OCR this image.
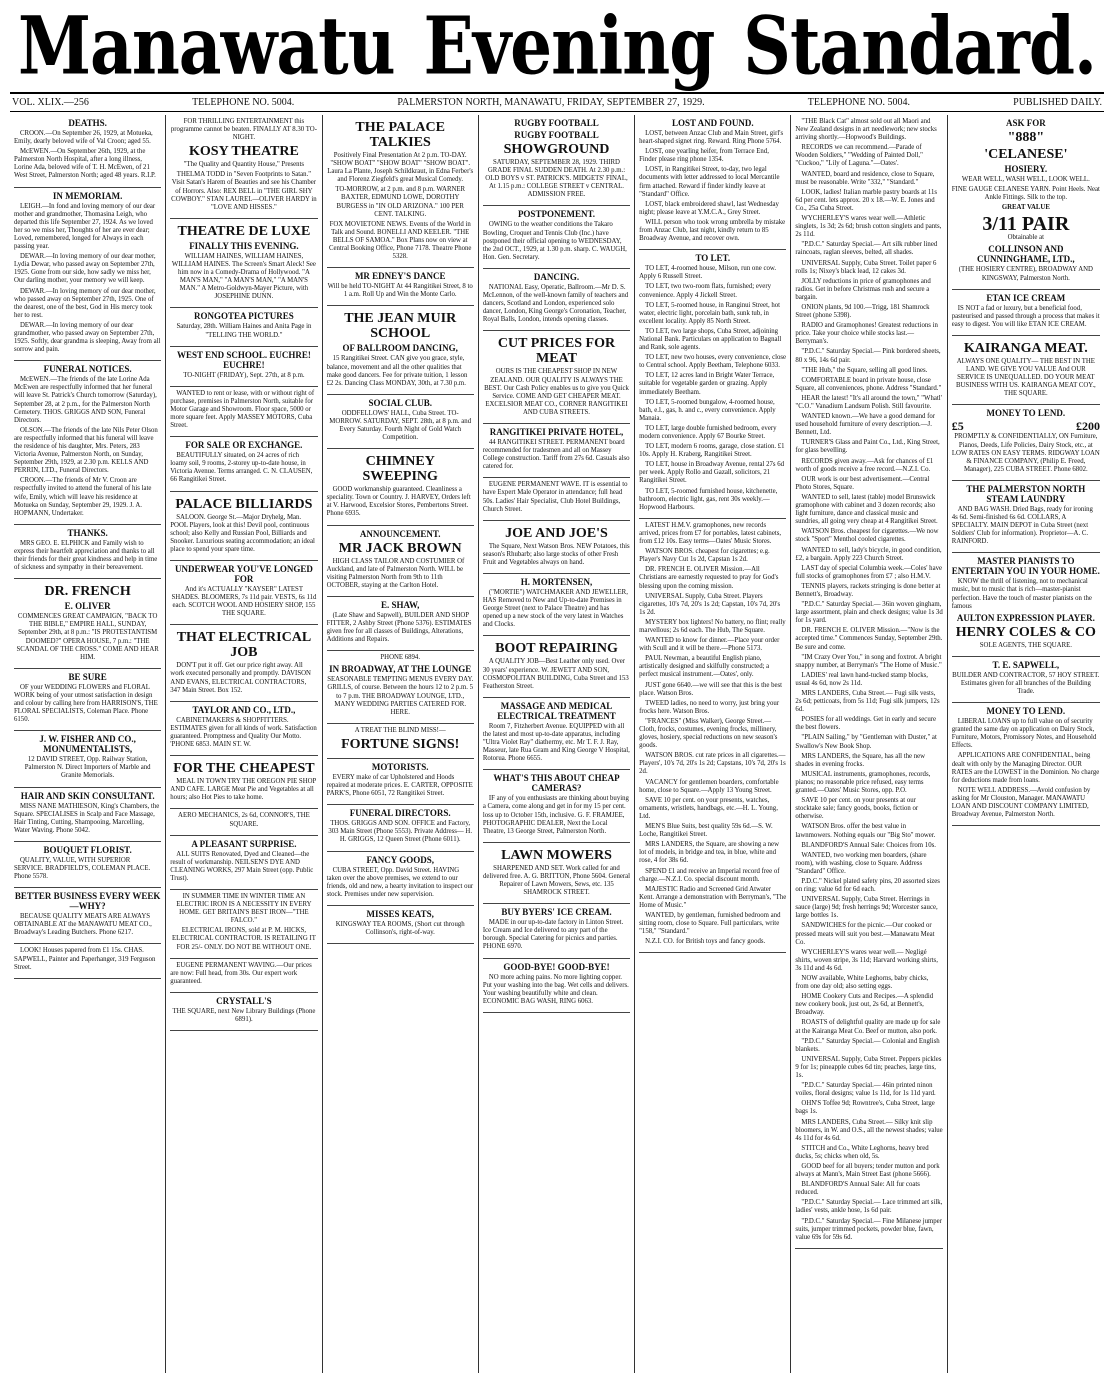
Manawatu Evening Standard.
VOL. XLIX.—256	TELEPHONE NO. 5004.	PALMERSTON NORTH, MANAWATU, FRIDAY, SEPTEMBER 27, 1929.	TELEPHONE NO. 5004.	PUBLISHED DAILY.
DEATHS.

CROON.—On September 26, 1929, at Motueka, Emily, dearly beloved wife of Val Croon; aged 55.

McEWEN.—On September 26th, 1929, at the Palmerston North Hospital, after a long illness, Lorine Ada, beloved wife of T. H. McEwen, of 21 West Street, Palmerston North; aged 48 years. R.I.P.

IN MEMORIAM.

LEIGH.—In fond and loving memory of our dear mother and grandmother, Thomasina Leigh, who departed this life September 27, 1924. As we loved her so we miss her, Thoughts of her are ever dear; Loved, remembered, longed for Always in each passing year.

DEWAR.—In loving memory of our dear mother, Lydia Dewar, who passed away on September 27th, 1925. Gone from our side, how sadly we miss her, Our darling mother, your memory we will keep.

DEWAR.—In loving memory of our dear mother, who passed away on September 27th, 1925. One of the dearest, one of the best, God in His mercy took her to rest.

DEWAR.—In loving memory of our dear grandmother, who passed away on September 27th, 1925. Softly, dear grandma is sleeping, Away from all sorrow and pain.

FUNERAL NOTICES.

McEWEN.—The friends of the late Lorine Ada McEwen are respectfully informed that her funeral will leave St. Patrick's Church tomorrow (Saturday), September 28, at 2 p.m., for the Palmerston North Cemetery. THOS. GRIGGS AND SON, Funeral Directors.

OLSON.—The friends of the late Nils Peter Olson are respectfully informed that his funeral will leave the residence of his daughter, Mrs. Peters, 283 Victoria Avenue, Palmerston North, on Sunday, September 29th, 1929, at 2.30 p.m. KELLS AND PERRIN, LTD., Funeral Directors.

CROON.—The friends of Mr V. Croon are respectfully invited to attend the funeral of his late wife, Emily, which will leave his residence at Motueka on Sunday, September 29, 1929. J. A. HOPMANN, Undertaker.

THANKS.

MRS GEO. E. ELPHICK and Family wish to express their heartfelt appreciation and thanks to all their friends for their great kindness and help in time of sickness and sympathy in their bereavement.

DR. FRENCH
E. OLIVER

COMMENCES GREAT CAMPAIGN, "BACK TO THE BIBLE," EMPIRE HALL, SUNDAY, September 29th, at 8 p.m.: "IS PROTESTANTISM DOOMED?" OPERA HOUSE, 7 p.m.: "THE SCANDAL OF THE CROSS." COME AND HEAR HIM.

BE SURE

OF your WEDDING FLOWERS and FLORAL WORK being of your utmost satisfaction in design and colour by calling here from HARRISON'S, THE FLORAL SPECIALISTS, Coleman Place. Phone 6150.

J. W. FISHER AND CO., MONUMENTALISTS,

12 DAVID STREET, Opp. Railway Station, Palmerston N. Direct Importers of Marble and Granite Memorials.

HAIR AND SKIN CONSULTANT.

MISS NANE MATHIESON, King's Chambers, the Square. SPECIALISES in Scalp and Face Massage, Hair Tinting, Cutting, Shampooing, Marcelling, Water Waving. Phone 5042.

BOUQUET FLORIST.

QUALITY, VALUE, WITH SUPERIOR SERVICE. BRADFIELD'S, COLEMAN PLACE. Phone 5578.

BETTER BUSINESS EVERY WEEK—WHY?

BECAUSE QUALITY MEATS ARE ALWAYS OBTAINABLE AT the MANAWATU MEAT CO., Broadway's Leading Butchers. Phone 6217.

LOOK! Houses papered from £1 15s. CHAS. SAPWELL, Painter and Paperhanger, 319 Ferguson Street.

FOR THRILLING ENTERTAINMENT this programme cannot be beaten. FINALLY AT 8.30 TO-NIGHT.

KOSY THEATRE

"The Quality and Quantity House," Presents

THELMA TODD in "Seven Footprints to Satan." Visit Satan's Harem of Beauties and see his Chamber of Horrors. Also: REX BELL in "THE GIRL SHY COWBOY." STAN LAUREL—OLIVER HARDY in "LOVE AND HISSES."

THEATRE DE LUXE
FINALLY THIS EVENING.

WILLIAM HAINES, WILLIAM HAINES, WILLIAM HAINES. The Screen's Smart Aleck! See him now in a Comedy-Drama of Hollywood. "A MAN'S MAN," "A MAN'S MAN," "A MAN'S MAN." A Metro-Goldwyn-Mayer Picture, with JOSEPHINE DUNN.

RONGOTEA PICTURES

Saturday, 28th. William Haines and Anita Page in "TELLING THE WORLD."

WEST END SCHOOL. EUCHRE! EUCHRE!

TO-NIGHT (FRIDAY), Sept. 27th, at 8 p.m.

WANTED to rent or lease, with or without right of purchase, premises in Palmerston North, suitable for Motor Garage and Showroom. Floor space, 5000 or more square feet. Apply MASSEY MOTORS, Cuba Street.

FOR SALE OR EXCHANGE.

BEAUTIFULLY situated, on 24 acres of rich loamy soil, 9 rooms, 2-storey up-to-date house, in Victoria Avenue. Terms arranged. C. N. CLAUSEN, 66 Rangitikei Street.

PALACE BILLIARDS

SALOON. George St.—Major Dryhelg, Man. POOL Players, look at this! Devil pool, continuous school; also Kelly and Russian Pool, Billiards and Snooker. Luxurious seating accommodation; an ideal place to spend your spare time.

UNDERWEAR YOU'VE LONGED FOR

And it's ACTUALLY "KAYSER" LATEST SHADES. BLOOMERS, 7s 11d pair. VESTS, 6s 11d each. SCOTCH WOOL AND HOSIERY SHOP, 155 THE SQUARE.

THAT ELECTRICAL JOB

DON'T put it off. Get our price right away. All work executed personally and promptly. DAVISON AND EVANS, ELECTRICAL CONTRACTORS, 347 Main Street. Box 152.

TAYLOR AND CO., LTD.,

CABINETMAKERS & SHOPFITTERS. ESTIMATES given for all kinds of work. Satisfaction guaranteed. Promptness and Quality Our Motto. 'PHONE 6853. MAIN ST. W.

FOR THE CHEAPEST

MEAL IN TOWN TRY THE OREGON PIE SHOP AND CAFE. LARGE Meat Pie and Vegetables at all hours; also Hot Pies to take home.

AERO MECHANICS, 2s 6d, CONNOR'S, THE SQUARE.

A PLEASANT SURPRISE.

ALL SUITS Renovated, Dyed and Cleaned—the result of workmanship. NEILSEN'S DYE AND CLEANING WORKS, 297 Main Street (opp. Public Trust).

IN SUMMER TIME IN WINTER TIME AN ELECTRIC IRON IS A NECESSITY IN EVERY HOME. GET BRITAIN'S BEST IRON—"THE FALCO."

ELECTRICAL IRONS, sold at P. M. HICKS, ELECTRICAL CONTRACTOR. IS RETAILING IT FOR 25/- ONLY. DO NOT BE WITHOUT ONE.

EUGENE PERMANENT WAVING.—Our prices are now: Full head, from 30s. Our expert work guaranteed.

CRYSTALL'S

THE SQUARE, next New Library Buildings (Phone 6891).

THE PALACE TALKIES

Positively Final Presentation At 2 p.m. TO-DAY. "SHOW BOAT" "SHOW BOAT" "SHOW BOAT". Laura La Plante, Joseph Schildkraut, in Edna Ferber's and Florenz Ziegfeld's great Musical Comedy.

TO-MORROW, at 2 p.m. and 8 p.m. WARNER BAXTER, EDMUND LOWE, DOROTHY BURGESS in "IN OLD ARIZONA." 100 PER CENT. TALKING.

FOX MOVIETONE NEWS. Events of the World in Talk and Sound. BONELLI AND KEELER. "THE BELLS OF SAMOA." Box Plans now on view at Central Booking Office, Phone 7178. Theatre Phone 5328.

MR EDNEY'S DANCE

Will be held TO-NIGHT At 44 Rangitikei Street, 8 to 1 a.m. Roll Up and Win the Monte Carlo.

THE JEAN MUIR SCHOOL
OF BALLROOM DANCING,

15 Rangitikei Street. CAN give you grace, style, balance, movement and all the other qualities that make good dancers. Fee for private tuition, 1 lesson £2 2s. Dancing Class MONDAY, 30th, at 7.30 p.m.

SOCIAL CLUB.

ODDFELLOWS' HALL, Cuba Street. TO-MORROW. SATURDAY, SEPT. 28th, at 8 p.m. and Every Saturday. Fourth Night of Gold Watch Competition.

CHIMNEY SWEEPING

GOOD workmanship guaranteed. Cleanliness a speciality. Town or Country. J. HARVEY, Orders left at V. Harwood, Excelsior Stores, Pembertons Street. Phone 6935.

ANNOUNCEMENT.
MR JACK BROWN

HIGH CLASS TAILOR AND COSTUMIER Of Auckland, and late of Palmerston North. WILL be visiting Palmerston North from 9th to 11th OCTOBER, staying at the Carlton Hotel.

E. SHAW,

(Late Shaw and Sapwell), BUILDER AND SHOP FITTER, 2 Ashby Street (Phone 5376). ESTIMATES given free for all classes of Buildings, Alterations, Additions and Repairs.

PHONE 6894.

IN BROADWAY, AT THE LOUNGE

SEASONABLE TEMPTING MENUS EVERY DAY. GRILLS, of course. Between the hours 12 to 2 p.m. 5 to 7 p.m. THE BROADWAY LOUNGE, LTD., MANY WEDDING PARTIES CATERED FOR. HERE.

A TREAT THE BLIND MISS!—

FORTUNE SIGNS!
MOTORISTS.

EVERY make of car Upholstered and Hoods repaired at moderate prices. E. CARTER, OPPOSITE PARK'S, Phone 6051, 72 Rangitikei Street.

FUNERAL DIRECTORS.

THOS. GRIGGS AND SON. OFFICE and Factory, 303 Main Street (Phone 5553). Private Address— H. H. GRIGGS, 12 Queen Street (Phone 6011).

FANCY GOODS,

CUBA STREET, Opp. David Street. HAVING taken over the above premises, we extend to our friends, old and new, a hearty invitation to inspect our stock. Premises under new supervision.

MISSES KEATS,

KINGSWAY TEA ROOMS, (Short cut through Collinson's, right-of-way.

RUGBY FOOTBALL
RUGBY FOOTBALL
SHOWGROUND

SATURDAY, SEPTEMBER 28, 1929. THIRD GRADE FINAL SUDDEN DEATH. At 2.30 p.m.: OLD BOYS v ST. PATRICK'S. MIDGETS' FINAL, At 1.15 p.m.: COLLEGE STREET v CENTRAL. ADMISSION FREE.

POSTPONEMENT.

OWING to the weather conditions the Takaro Bowling, Croquet and Tennis Club (Inc.) have postponed their official opening to WEDNESDAY, the 2nd OCT., 1929, at 1.30 p.m. sharp. C. WAUGH, Hon. Gen. Secretary.

DANCING.

NATIONAL Easy, Operatic, Ballroom.—Mr D. S. McLennon, of the well-known family of teachers and dancers, Scotland and London, experienced solo dancer, London, King George's Coronation, Teacher, Royal Balls, London, intends opening classes.

CUT PRICES FOR MEAT

OURS IS THE CHEAPEST SHOP IN NEW ZEALAND. OUR QUALITY IS ALWAYS THE BEST. Our Cash Policy enables us to give you Quick Service. COME AND GET CHEAPER MEAT. EXCELSIOR MEAT CO., CORNER RANGITIKEI AND CUBA STREETS.

RANGITIKEI PRIVATE HOTEL,

44 RANGITIKEI STREET. PERMANENT board recommended for tradesmen and all on Massey College construction. Tariff from 27s 6d. Casuals also catered for.

EUGENE PERMANENT WAVE. IT is essential to have Expert Male Operator in attendance; full head 50s. Ladies' Hair Specialist, Club Hotel Buildings, Church Street.

JOE AND JOE'S

The Square, Next Watson Bros. NEW Potatoes, this season's Rhubarb; also large stocks of other Fresh Fruit and Vegetables always on hand.

H. MORTENSEN,

("MORTIE") WATCHMAKER AND JEWELLER, HAS Removed to New and Up-to-date Premises in George Street (next to Palace Theatre) and has opened up a new stock of the very latest in Watches and Clocks.

BOOT REPAIRING

A QUALITY JOB—Best Leather only used. Over 30 years' experience. W. JEWETT AND SON, COSMOPOLITAN BUILDING, Cuba Street and 153 Featherston Street.

MASSAGE AND MEDICAL ELECTRICAL TREATMENT

Room 7, Fitzherbert Avenue. EQUIPPED with all the latest and most up-to-date apparatus, including "Ultra Violet Ray" diathermy, etc. Mr T. F. J. Ray, Masseur, late Rua Gram and King George V Hospital, Rotorua. Phone 6655.

WHAT'S THIS ABOUT CHEAP CAMERAS?

IF any of you enthusiasts are thinking about buying a Camera, come along and get in for my 15 per cent. loss up to October 15th, inclusive. G. F. FRAMJEE, PHOTOGRAPHIC DEALER, Next the Local Theatre, 13 George Street, Palmerston North.

LAWN MOWERS

SHARPENED AND SET. Work called for and delivered free. A. G. BRITTON, Phone 5604. General Repairer of Lawn Mowers, Sews, etc. 135 SHAMROCK STREET.

BUY BYERS' ICE CREAM.

MADE in our up-to-date factory in Linton Street. Ice Cream and Ice delivered to any part of the borough. Special Catering for picnics and parties. PHONE 6970.

GOOD-BYE! GOOD-BYE!

NO more aching pains. No more lighting copper. Put your washing into the bag. Wet cells and delivers. Your washing beautifully white and clean. ECONOMIC BAG WASH, RING 6063.

LOST AND FOUND.

LOST, between Anzac Club and Main Street, girl's heart-shaped signet ring. Reward. Ring Phone 5764.

LOST, one yearling heifer, from Terrace End, Finder please ring phone 1354.

LOST, in Rangitikei Street, to-day, two legal documents with letter addressed to local Mercantile firm attached. Reward if finder kindly leave at "Standard" Office.

LOST, black embroidered shawl, last Wednesday night; please leave at Y.M.C.A., Grey Street.

WILL person who took wrong umbrella by mistake from Anzac Club, last night, kindly return to 85 Broadway Avenue, and recover own.

TO LET.

TO LET, 4-roomed house, Milson, run one cow. Apply 6 Russell Street.

TO LET, two two-room flats, furnished; every convenience. Apply 4 Jickell Street.

TO LET, 5-roomed house, in Ranginui Street, hot water, electric light, porcelain bath, sunk tub, in excellent locality. Apply 85 North Street.

TO LET, two large shops, Cuba Street, adjoining National Bank. Particulars on application to Bagnall and Rank, sole agents.

TO LET, new two houses, every convenience, close to Central school. Apply Beetham, Telephone 6033.

TO LET, 12 acres land in Bright Water Terrace, suitable for vegetable garden or grazing. Apply immediately Beetham.

TO LET, 5-roomed bungalow, 4-roomed house, bath, e.l., gas, h. and c., every convenience. Apply Manaia.

TO LET, large double furnished bedroom, every modern convenience. Apply 67 Bourke Street.

TO LET, modern 6 rooms, garage, close station. £1 10s. Apply H. Kraberg, Rangitikei Street.

TO LET, house in Broadway Avenue, rental 27s 6d per week. Apply Rollo and Gazall, solicitors, 21 Rangitikei Street.

TO LET, 5-roomed furnished house, kitchenette, bathroom, electric light, gas, rent 30s weekly.—Hopwood Harbours.

LATEST H.M.V. gramophones, new records arrived, prices from £7 for portables, latest cabinets, from £12 10s. Easy terms—Oates' Music Stores.

WATSON BROS. cheapest for cigarettes; e.g. Player's Navy Cut 1s 2d, Capstan 1s 2d.

DR. FRENCH E. OLIVER Mission.—All Christians are earnestly requested to pray for God's blessing upon the coming mission.

UNIVERSAL Supply, Cuba Street. Players cigarettes, 10's 7d, 20's 1s 2d; Capstan, 10's 7d, 20's 1s 2d.

MYSTERY box lighters! No battery, no flint; really marvellous; 2s 6d each. The Hub, The Square.

WANTED to know for dinner.—Place your order with Scull and it will be there.—Phone 5173.

PAUL Newman, a beautiful English piano, artistically designed and skilfully constructed; a perfect musical instrument.—Oates', only.

JUST gone 6640.—we will see that this is the best place. Watson Bros.

TWEED ladies, no need to worry, just bring your frocks here. Watson Bros.

"FRANCES" (Miss Walker), George Street.—Cloth, frocks, costumes, evening frocks, millinery, gloves, hosiery, special reductions on new season's goods.

WATSON BROS. cut rate prices in all cigarettes.—Players', 10's 7d, 20's 1s 2d; Capstans, 10's 7d, 20's 1s 2d.

VACANCY for gentlemen boarders, comfortable home, close to Square.—Apply 13 Young Street.

SAVE 10 per cent. on your presents, watches, ornaments, wristlets, handbags, etc.—H. L. Young, Ltd.

MEN'S Blue Suits, best quality 59s 6d.—S. W. Loche, Rangitikei Street.

MRS LANDERS, the Square, are showing a new lot of models, in bridge and tea, in blue, white and rose, 4 for 38s 6d.

SPEND £1 and receive an Imperial record free of charge.—N.Z.I. Co. special discount month.

MAJESTIC Radio and Screened Grid Atwater Kent. Arrange a demonstration with Berryman's, "The Home of Music."

WANTED, by gentleman, furnished bedroom and sitting room, close to Square. Full particulars, write "158," "Standard."

N.Z.I. CO. for British toys and fancy goods.

"THE Black Cat" almost sold out all Maori and New Zealand designs in art needlework; new stocks arriving shortly.—Hopwood's Buildings.

RECORDS we can recommend.—Parade of Wooden Soldiers," "Wedding of Painted Doll," "Cuckoo," "Lily of Laguna."—Oates'.

WANTED, board and residence, close to Square, must be reasonable. Write "332," "Standard."

LOOK, ladies! Italian marble pastry boards at 11s 6d per cent. lets approx. 20 x 18.—W. E. Jones and Co., 25a Cuba Street.

WYCHERLEY'S wares wear well.—Athletic singlets, 1s 3d; 2s 6d; brush cotton singlets and pants, 2s 11d.

"P.D.C." Saturday Special.— Art silk rubber lined raincoats, raglan sleeves, belted, all shades.

UNIVERSAL Supply, Cuba Street. Toilet paper 6 rolls 1s; Nixey's black lead, 12 cakes 3d.

JOLLY reductions in price of gramophones and radios. Get in before Christmas rush and secure a bargain.

ONION plants, 9d 100.—Trigg, 181 Shamrock Street (phone 5398).

RADIO and Gramophones! Greatest reductions in price. Take your choice while stocks last.—Berryman's.

"P.D.C." Saturday Special.— Pink bordered sheets, 80 x 96, 14s 6d pair.

"THE Hub," the Square, selling all good lines.

COMFORTABLE board in private house, close Square, all conveniences, phone. Address "Standard."

HEAR the latest! "It's all around the town," "Whatl' "C.O." Vanadium Landsum Polish. Still favourite.

WANTED known.—We have a good demand for used household furniture of every description.—J. Bennett, Ltd.

TURNER'S Glass and Paint Co., Ltd., King Street, for glass bevelling.

RECORDS given away.—Ask for chances of £1 worth of goods receive a free record.—N.Z.I. Co.

OUR work is our best advertisement.—Central Photo Stores, Square.

WANTED to sell, latest (table) model Brunswick gramophone with cabinet and 3 dozen records; also light furniture, dance and classical music and sundries, all going very cheap at 4 Rangitikei Street.

WATSON Bros. cheapest for cigarettes.—We now stock "Sport" Menthol cooled cigarettes.

WANTED to sell, lady's bicycle, in good condition, £2, a bargain. Apply 223 Church Street.

LAST day of special Columbia week.—Coles' have full stocks of gramophones from £7 ; also H.M.V.

TENNIS players, rackets stringing is done better at Bennett's, Broadway.

"P.D.C." Saturday Special.— 36in woven gingham, large assortment, plain and check designs; value 1s 3d for 1s yard.

DR. FRENCH E. OLIVER Mission.—"Now is the accepted time." Commences Sunday, September 29th. Be sure and come.

"IM Crazy Over You," in song and foxtrot. A bright snappy number, at Berryman's "The Home of Music."

LADIES' real lawn hand-tucked stamp blocks, usual 4s 6d, now 2s 11d.

MRS LANDERS, Cuba Street.— Fugi silk vests, 2s 6d; petticoats, from 5s 11d; Fugi silk jumpers, 12s 6d.

POSIES for all weddings. Get in early and secure the best flowers.

"PLAIN Sailing," by "Gentleman with Duster," at Swallow's New Book Shop.

MRS LANDERS, the Square, has all the new shades in evening frocks.

MUSICAL instruments, gramophones, records, pianos; no reasonable price refused, easy terms granted.—Oates' Music Stores, opp. P.O.

SAVE 10 per cent. on your presents at our stocktake sale; fancy goods, books, fiction or otherwise.

WATSON Bros. offer the best value in lawnmowers. Nothing equals our "Big Sto" mower.

BLANDFORD'S Annual Sale: Choices from 10s.

WANTED, two working men boarders, (share room), with washing, close to Square. Address "Standard" Office.

P.D.C." Nickel plated safety pins, 20 assorted sizes on ring; value 6d for 6d each.

UNIVERSAL Supply, Cuba Street. Herrings in sauce (large) 9d; fresh herrings 9d; Worcester sauce, large bottles 1s.

SANDWICHES for the picnic.—Our cooked or pressed meats will suit you best.—Manawatu Meat Co.

WYCHERLEY'S wares wear well.— Negligé shirts, woven stripe, 3s 11d; Harvard working shirts, 3s 11d and 4s 6d.

NOW available, White Leghorns, baby chicks, from one day old; also setting eggs.

HOME Cookery Cuts and Recipes.—A splendid new cookery book, just out, 2s 6d, at Bennett's, Broadway.

ROASTS of delightful quality are made up for sale at the Kairanga Meat Co. Beef or mutton, also pork.

"P.D.C." Saturday Special.— Colonial and English blankets.

UNIVERSAL Supply, Cuba Street. Peppers pickles 9 for 1s; pineapple cubes 6d tin; peaches, large tins, 1s.

"P.D.C." Saturday Special.— 46in printed ninon voiles, floral designs; value 1s 11d, for 1s 11d yard.

OHN'S Toffee 9d; Rowntree's, Cuba Street, large bags 1s.

MRS LANDERS, Cuba Street.— Silky knit slip bloomers, in W. and O.S., all the newest shades; value 4s 11d for 4s 6d.

STITCH and Co., White Leghorns, heavy bred ducks, 5s; chicks when old, 5s.

GOOD beef for all buyers; tender mutton and pork always at Mann's, Main Street East (phone 5666).

BLANDFORD'S Annual Sale: All fur coats reduced.

"P.D.C." Saturday Special.— Lace trimmed art silk, ladies' vests, ankle hose, 1s 6d pair.

"P.D.C." Saturday Special.— Fine Milanese jumper suits, jumper trimmed pockets, powder blue, fawn, value 69s for 59s 6d.

ASK FOR
"888"
'CELANESE'
HOSIERY.

WEAR WELL, WASH WELL, LOOK WELL.

FINE GAUGE CELANESE YARN. Point Heels. Neat Ankle Fittings. Silk to the top.

GREAT VALUE

3/11 PAIR

Obtainable at

COLLINSON AND CUNNINGHAME, LTD.,

(THE HOSIERY CENTRE), BROADWAY AND KINGSWAY, Palmerston North.

ETAN ICE CREAM

IS NOT a fad or luxury, but a beneficial food, pasteurised and passed through a process that makes it easy to digest. You will like ETAN ICE CREAM.

KAIRANGA MEAT.

ALWAYS ONE QUALITY— THE BEST IN THE LAND. WE GIVE YOU VALUE And OUR SERVICE IS UNEQUALLED. DO YOUR MEAT BUSINESS WITH US. KAIRANGA MEAT COY., THE SQUARE.

MONEY TO LEND.
£5	£200

PROMPTLY & CONFIDENTIALLY, ON Furniture, Pianos, Deeds, Life Policies, Dairy Stock, etc., at LOW RATES ON EASY TERMS. RIDGWAY LOAN & FINANCE COMPANY, (Philip E. Freed, Manager), 225 CUBA STREET. Phone 6802.

THE PALMERSTON NORTH STEAM LAUNDRY

AND BAG WASH. Dried Bags, ready for ironing 4s 6d. Semi-finished 6s 6d. COLLARS, A SPECIALTY. MAIN DEPOT in Cuba Street (next Soldiers' Club for information). Proprietor—A. C. RAINFORD.

MASTER PIANISTS TO ENTERTAIN YOU IN YOUR HOME.

KNOW the thrill of listening, not to mechanical music, but to music that is rich—master-pianist perfection. Have the touch of master pianists on the famous

AULTON EXPRESSION PLAYER.
HENRY COLES & CO

SOLE AGENTS, THE SQUARE.

T. E. SAPWELL,

BUILDER AND CONTRACTOR, 57 HOY STREET. Estimates given for all branches of the Building Trade.

MONEY TO LEND.

LIBERAL LOANS up to full value on of security granted the same day on application on Dairy Stock, Furniture, Motors, Promissory Notes, and Household Effects.

APPLICATIONS ARE CONFIDENTIAL, being dealt with only by the Managing Director. OUR RATES are the LOWEST in the Dominion. No charge for deductions made from loans.

NOTE WELL ADDRESS.—Avoid confusion by asking for Mr Clouston, Manager. MANAWATU LOAN AND DISCOUNT COMPANY LIMITED, Broadway Avenue, Palmerston North.
